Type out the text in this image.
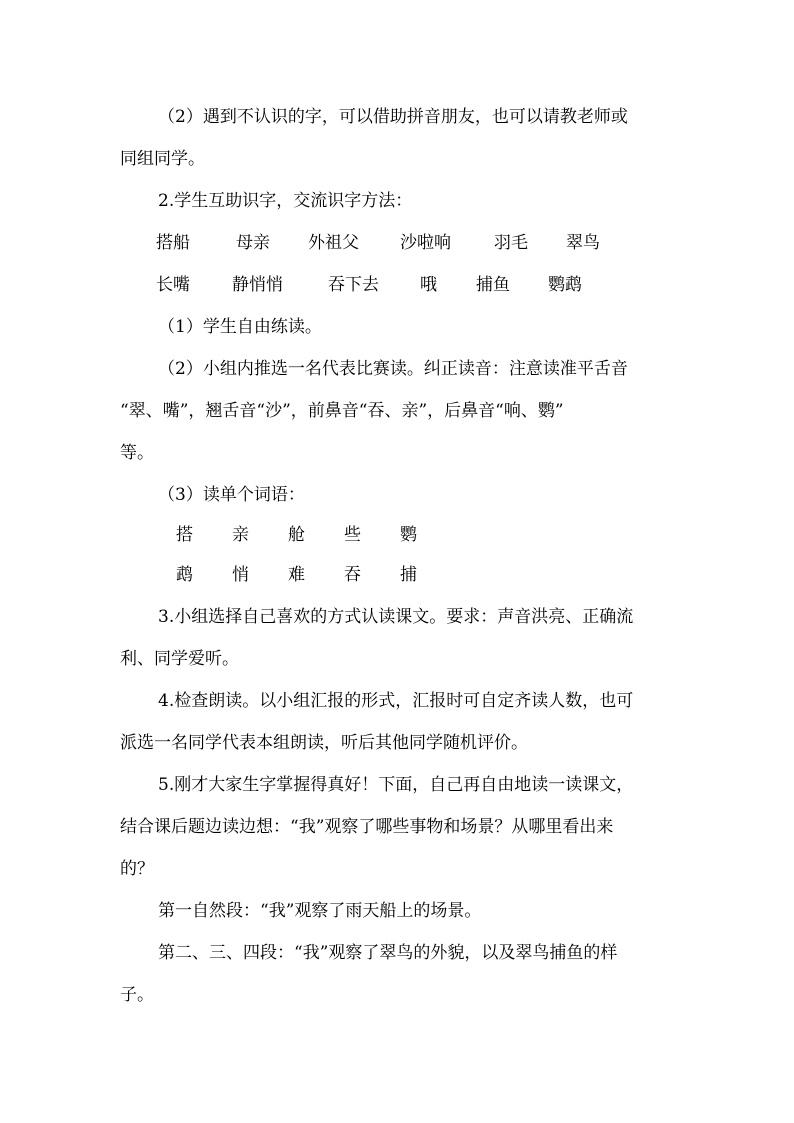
（2）遇到不认识的字，可以借助拼音朋友，也可以请教老师或
同组同学。
2.学生互助识字，交流识字方法：
搭船	母亲 外祖父 沙啦响	羽毛 翠鸟
长嘴 静悄悄	吞下去 哦 捕鱼 鹦鹉
（1）学生自由练读。
（2）小组内推选一名代表比赛读。纠正读音：注意读准平舌音
“翠、嘴”，翘舌音“沙”，前鼻音“吞、亲”，后鼻音“响、鹦”
等。
（3）读单个词语：
搭 亲 舱 些 鹦
鹉 悄 难 吞 捕
3.小组选择自己喜欢的方式认读课文。要求：声音洪亮、正确流
利、同学爱听。
4.检查朗读。以小组汇报的形式，汇报时可自定齐读人数，也可
派选一名同学代表本组朗读，听后其他同学随机评价。
5.刚才大家生字掌握得真好！下面，自己再自由地读一读课文，
结合课后题边读边想：“我”观察了哪些事物和场景？从哪里看出来
的？
第一自然段：“我”观察了雨天船上的场景。
第二、三、四段：“我”观察了翠鸟的外貌，以及翠鸟捕鱼的样
子。
